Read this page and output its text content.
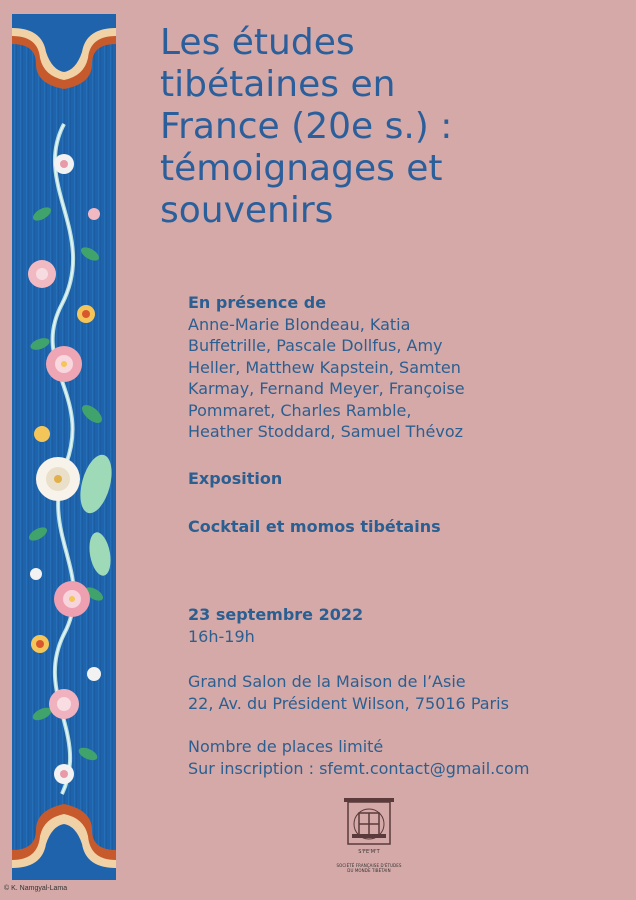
© K. Namgyal-Lama
Les études
tibétaines en
France (20e s.) :
témoignages et
souvenirs
En présence de
Anne-Marie Blondeau, Katia
Buffetrille, Pascale Dollfus, Amy
Heller, Matthew Kapstein, Samten
Karmay, Fernand Meyer, Françoise
Pommaret, Charles Ramble,
Heather Stoddard, Samuel Thévoz
Exposition
Cocktail et momos tibétains
23 septembre 2022
16h-19h
Grand Salon de la Maison de l’Asie
22, Av. du Président Wilson, 75016 Paris
Nombre de places limité
Sur inscription : sfemt.contact@gmail.com
S'FE'M'T
SOCIÉTÉ FRANÇAISE D'ÉTUDES
DU MONDE TIBÉTAIN
